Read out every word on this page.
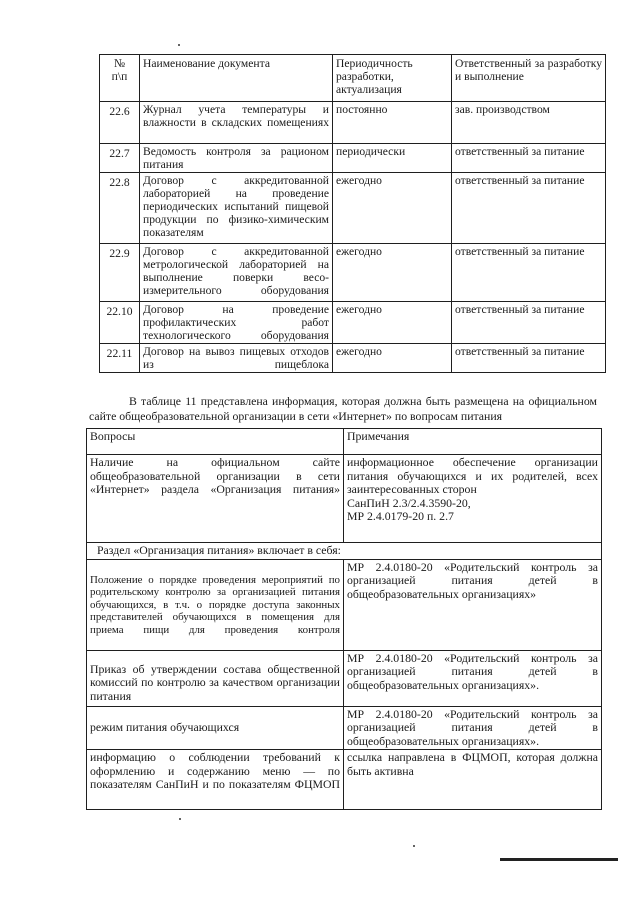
№
п\п	Наименование документа	Периодичность разработки, актуализация	Ответственный за разработку и выполнение
22.6	Журнал учета температуры и влажности в складских помещениях	постоянно	зав. производством
22.7	Ведомость контроля за рационом питания	периодически	ответственный за питание
22.8	Договор с аккредитованной лабораторией на проведение периодических испытаний пищевой продукции по физико-химическим показателям	ежегодно	ответственный за питание
22.9	Договор с аккредитованной метрологической лабораторией на выполнение поверки весо-измерительного оборудования	ежегодно	ответственный за питание
22.10	Договор на проведение профилактических работ технологического оборудования	ежегодно	ответственный за питание
22.11	Договор на вывоз пищевых отходов из пищеблока	ежегодно	ответственный за питание

В таблице 11 представлена информация, которая должна быть размещена на официальном сайте общеобразовательной организации в сети «Интернет» по вопросам питания

Вопросы	Примечания
Наличие на официальном сайте общеобразовательной организации в сети «Интернет» раздела «Организация питания»	информационное обеспечение организации питания обучающихся и их родителей, всех заинтересованных сторон
СанПиН 2.3/2.4.3590-20,
МР 2.4.0179-20 п. 2.7

Раздел «Организация питания» включает в себя:	
Положение о порядке проведения мероприятий по родительскому контролю за организацией питания обучающихся, в т.ч. о порядке доступа законных представителей обучающихся в помещения для приема пищи для проведения контроля	МР 2.4.0180-20 «Родительский контроль за организацией питания детей в общеобразовательных организациях»
Приказ об утверждении состава общественной комиссий по контролю за качеством организации питания	МР 2.4.0180-20 «Родительский контроль за организацией питания детей в общеобразовательных организациях».
режим питания обучающихся	МР 2.4.0180-20 «Родительский контроль за организацией питания детей в общеобразовательных организациях».
информацию о соблюдении требований к оформлению и содержанию меню — по показателям СанПиН и по показателям ФЦМОП	ссылка направлена в ФЦМОП, которая должна быть активна
